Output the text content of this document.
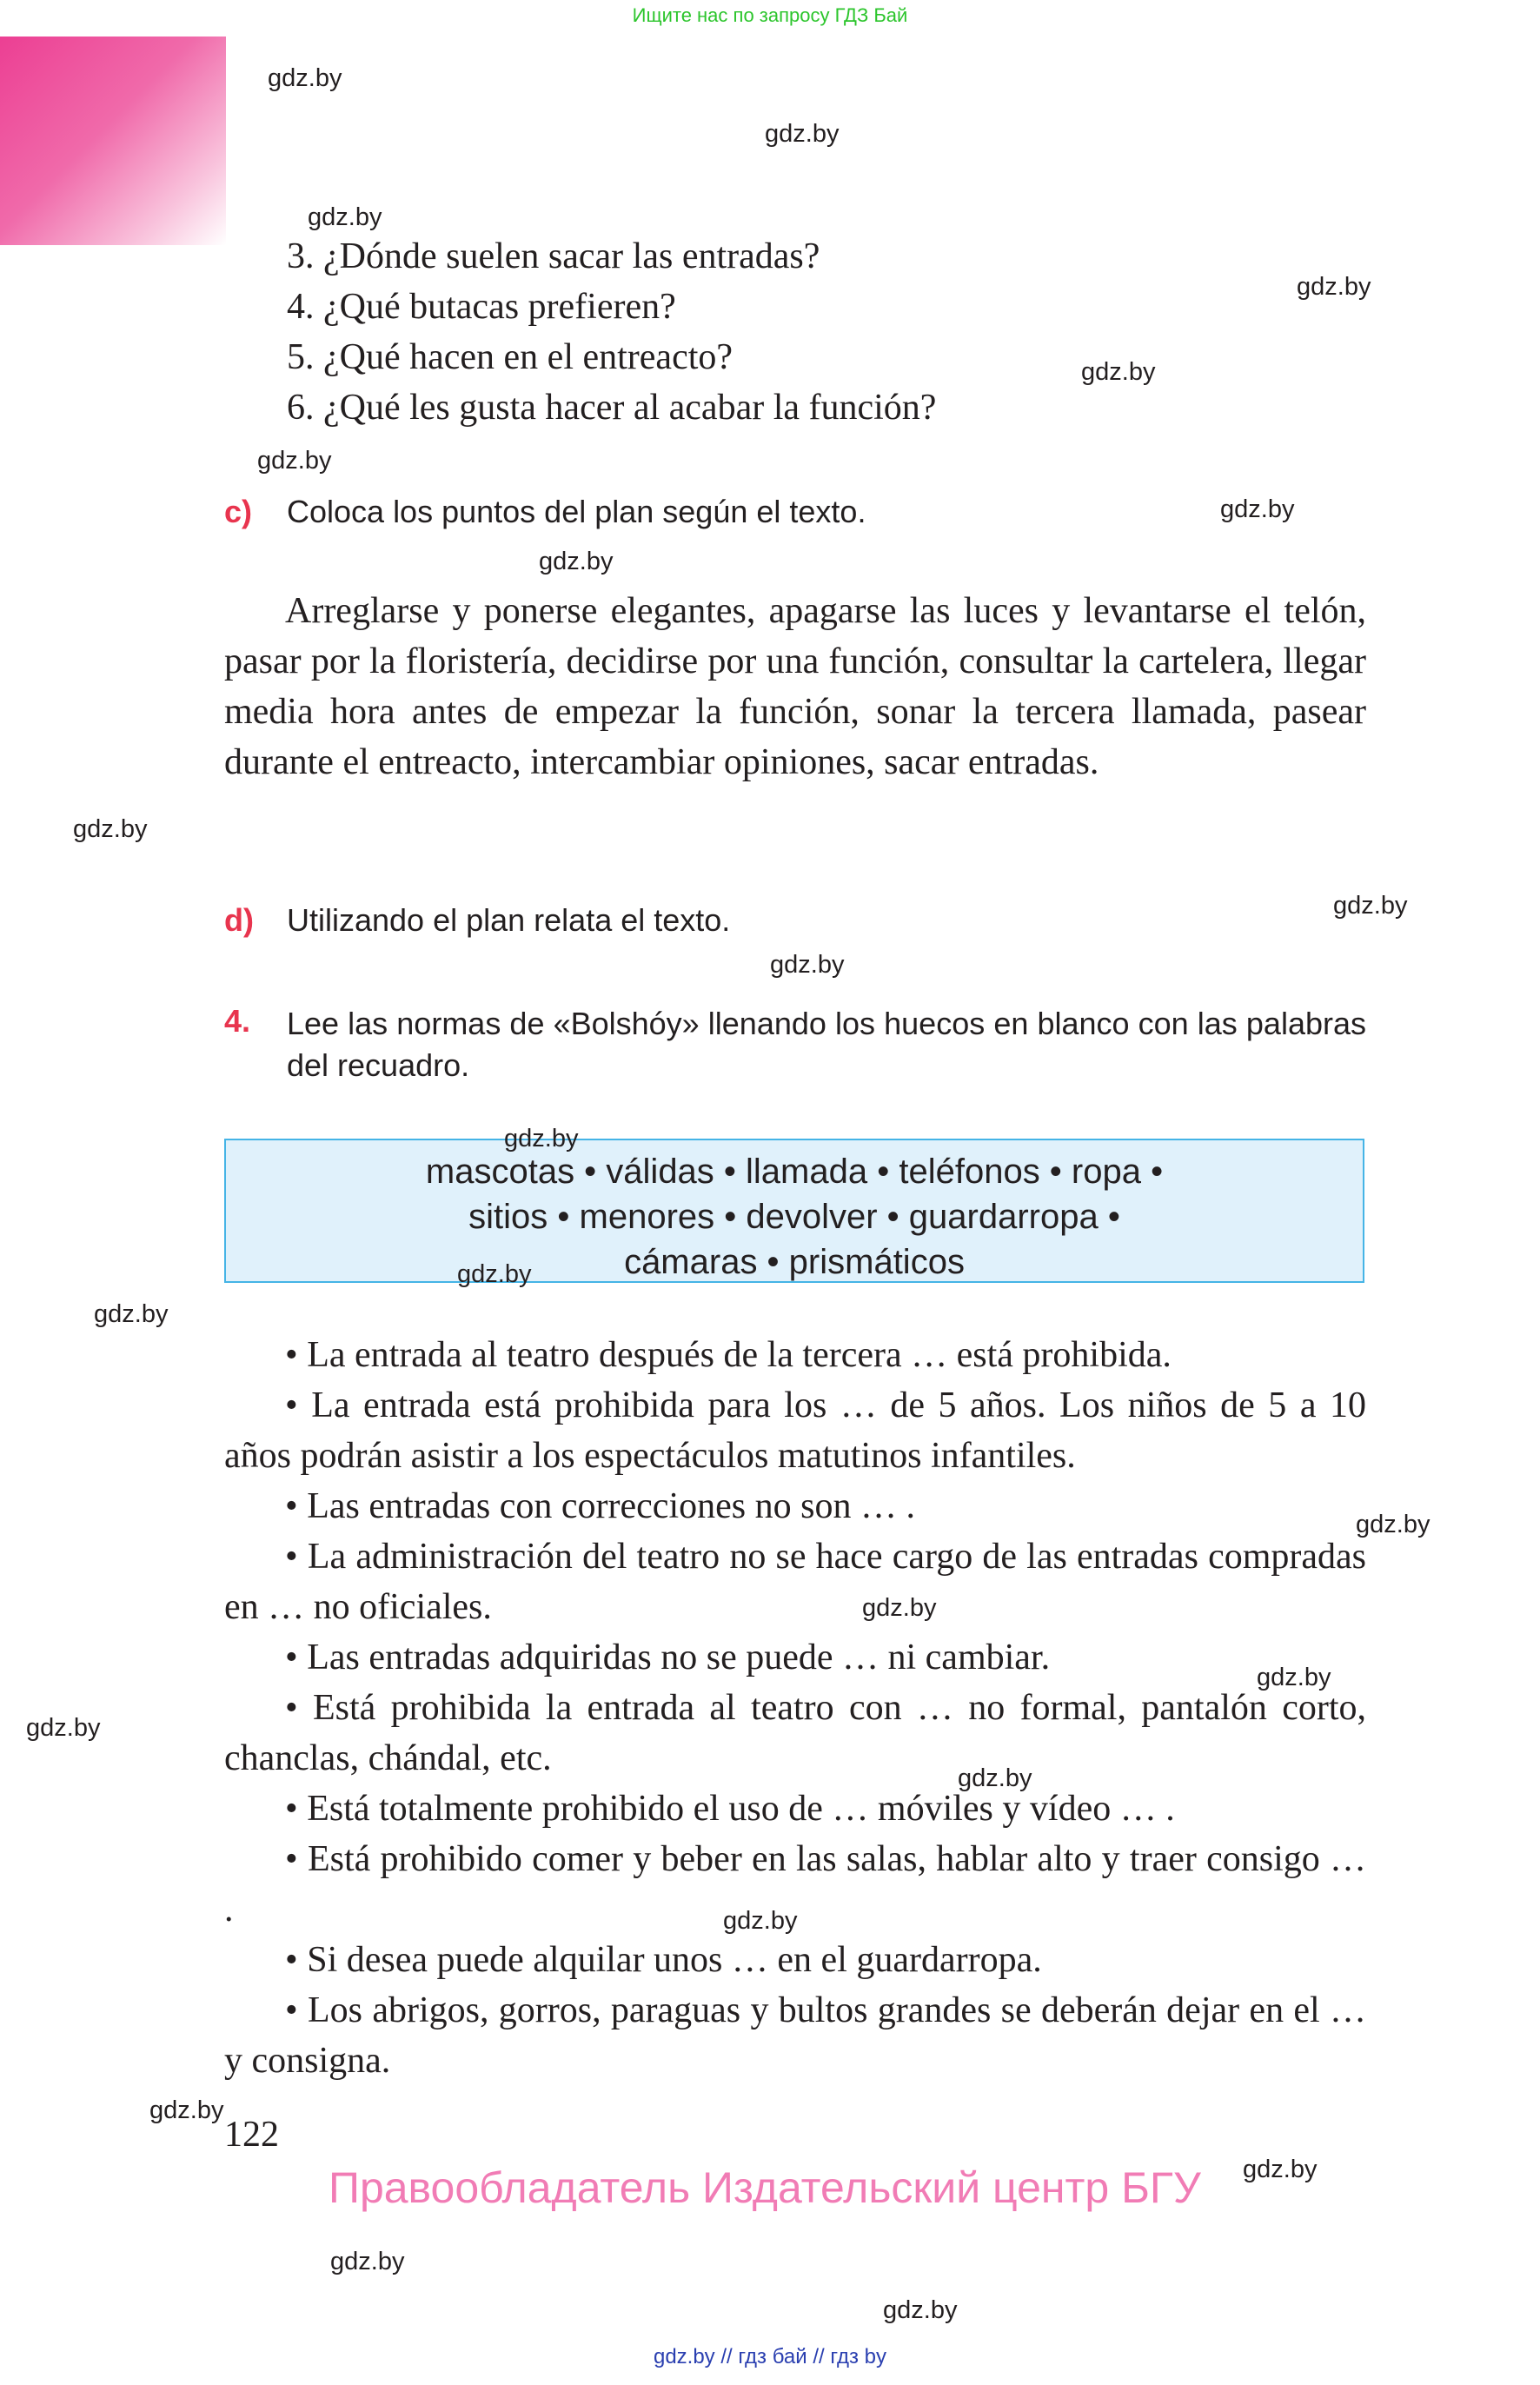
Ищите нас по запросу ГДЗ Бай
3. ¿Dónde suelen sacar las entradas?
4. ¿Qué butacas prefieren?
5. ¿Qué hacen en el entreacto?
6. ¿Qué les gusta hacer al acabar la función?
c) Coloca los puntos del plan según el texto.
Arreglarse y ponerse elegantes, apagarse las luces y levantarse el telón, pasar por la floristería, decidirse por una función, consultar la cartelera, llegar media hora antes de empezar la función, sonar la tercera llamada, pasear durante el entreacto, intercambiar opiniones, sacar entradas.
d) Utilizando el plan relata el texto.
4. Lee las normas de «Bolshóy» llenando los huecos en blanco con las palabras del recuadro.
mascotas • válidas • llamada • teléfonos • ropa •
sitios • menores • devolver • guardarropa •
cámaras • prismáticos

• La entrada al teatro después de la tercera … está prohibida.

• La entrada está prohibida para los … de 5 años. Los niños de 5 a 10 años podrán asistir a los espectáculos matutinos infantiles.

• Las entradas con correcciones no son … .

• La administración del teatro no se hace cargo de las entradas compradas en … no oficiales.

• Las entradas adquiridas no se puede … ni cambiar.

• Está prohibida la entrada al teatro con … no formal, pantalón corto, chanclas, chándal, etc.

• Está totalmente prohibido el uso de … móviles y vídeo … .

• Está prohibido comer y beber en las salas, hablar alto y traer consigo … .

• Si desea puede alquilar unos … en el guardarropa.

• Los abrigos, gorros, paraguas y bultos grandes se deberán dejar en el … y consigna.

122
Правообладатель Издательский центр БГУ
gdz.by
gdz.by
gdz.by
gdz.by
gdz.by
gdz.by
gdz.by
gdz.by
gdz.by
gdz.by
gdz.by
gdz.by
gdz.by
gdz.by
gdz.by
gdz.by
gdz.by
gdz.by
gdz.by
gdz.by
gdz.by
gdz.by
gdz.by
gdz.by
gdz.by // гдз бай // гдз by
